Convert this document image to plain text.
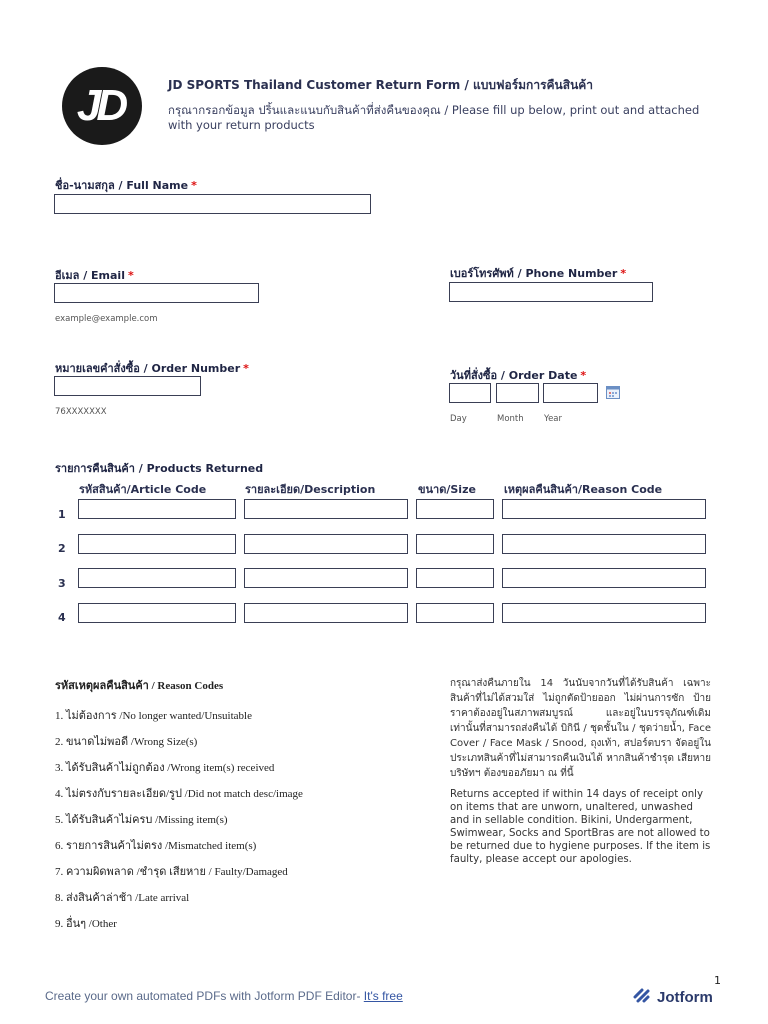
JD	JD SPORTS Thailand Customer Return Form / แบบฟอร์มการคืนสินค้า
กรุณากรอกข้อมูล ปริ้นและแนบกับสินค้าที่ส่งคืนของคุณ / Please fill up below, print out and attached with your return products
ชื่อ-นามสกุล / Full Name *
อีเมล / Email *
example@example.com
เบอร์โทรศัพท์ / Phone Number *
หมายเลขคำสั่งซื้อ / Order Number *
76XXXXXXX
วันที่สั่งซื้อ / Order Date *
Day	Month Year
รายการคืนสินค้า / Products Returned
รหัสสินค้า/Article Code	รายละเอียด/Description	ขนาด/Size	เหตุผลคืนสินค้า/Reason Code
1
2
3
4
รหัสเหตุผลคืนสินค้า / Reason Codes
1. ไม่ต้องการ /No longer wanted/Unsuitable
2. ขนาดไม่พอดี /Wrong Size(s)
3. ได้รับสินค้าไม่ถูกต้อง /Wrong item(s) received
4. ไม่ตรงกับรายละเอียด/รูป /Did not match desc/image
5. ได้รับสินค้าไม่ครบ /Missing item(s)
6. รายการสินค้าไม่ตรง /Mismatched item(s)
7. ความผิดพลาด /ชำรุด เสียหาย / Faulty/Damaged
8. ส่งสินค้าล่าช้า /Late arrival
9. อื่นๆ /Other
กรุณาส่งคืนภายใน 14 วันนับจากวันที่ได้รับสินค้า เฉพาะสินค้าที่ไม่ได้สวมใส่ ไม่ถูกตัดป้ายออก ไม่ผ่านการซัก ป้ายราคาต้องอยู่ในสภาพสมบูรณ์ และอยู่ในบรรจุภัณฑ์เดิม เท่านั้นที่สามารถส่งคืนได้ บิกินี / ชุดชั้นใน / ชุดว่ายน้ำ, Face Cover / Face Mask / Snood, ถุงเท้า, สปอร์ตบรา จัดอยู่ในประเภทสินค้าที่ไม่สามารถคืนเงินได้ หากสินค้าชำรุด เสียหาย บริษัทฯ ต้องขออภัยมา ณ ที่นี้
Returns accepted if within 14 days of receipt only on items that are unworn, unaltered, unwashed and in sellable condition. Bikini, Undergarment, Swimwear, Socks and SportBras are not allowed to be returned due to hygiene purposes. If the item is faulty, please accept our apologies.
1
Create your own automated PDFs with Jotform PDF Editor- It's free	Jotform
